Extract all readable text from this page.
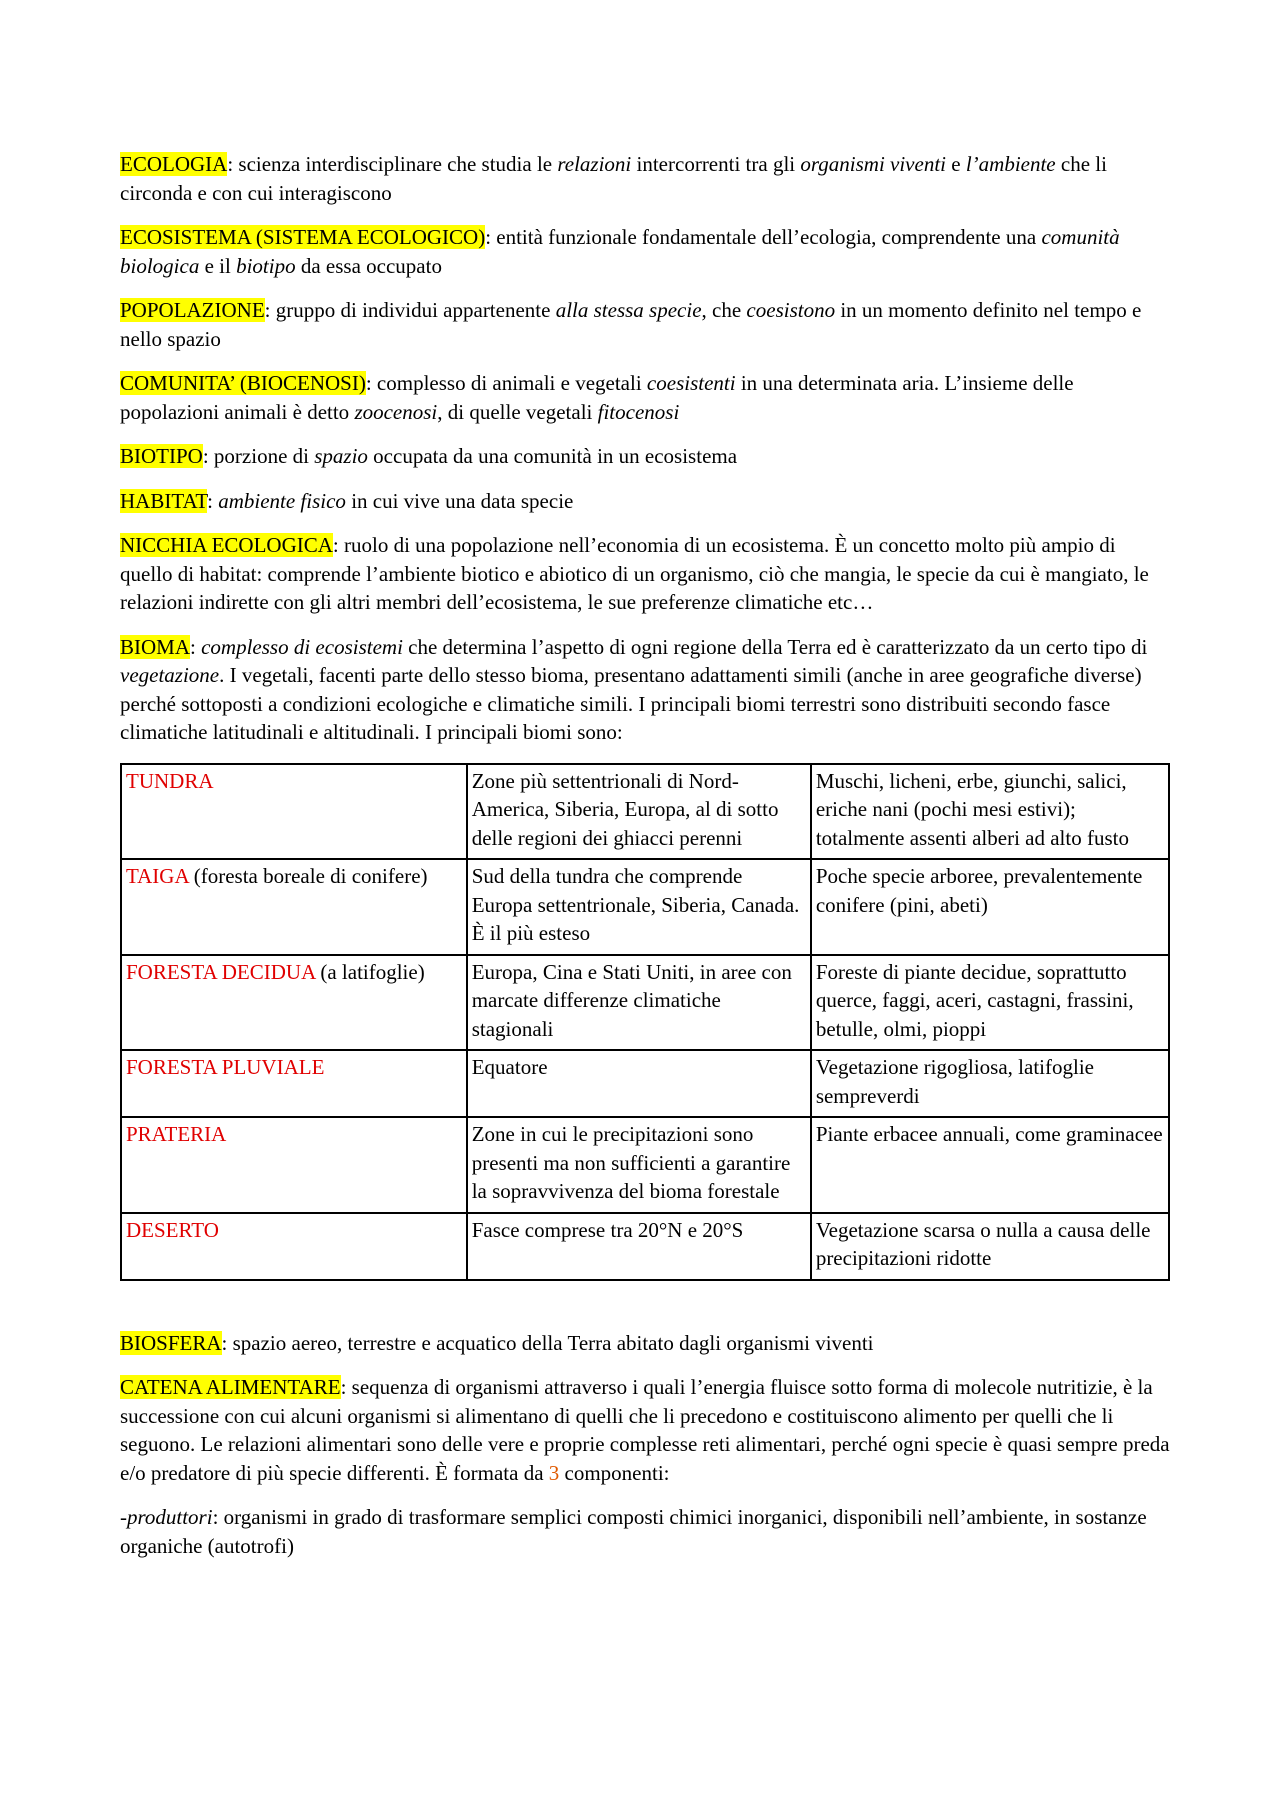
ECOLOGIA: scienza interdisciplinare che studia le relazioni intercorrenti tra gli organismi viventi e l’ambiente che li circonda e con cui interagiscono

ECOSISTEMA (SISTEMA ECOLOGICO): entità funzionale fondamentale dell’ecologia, comprendente una comunità biologica e il biotipo da essa occupato

POPOLAZIONE: gruppo di individui appartenente alla stessa specie, che coesistono in un momento definito nel tempo e nello spazio

COMUNITA’ (BIOCENOSI): complesso di animali e vegetali coesistenti in una determinata aria. L’insieme delle popolazioni animali è detto zoocenosi, di quelle vegetali fitocenosi

BIOTIPO: porzione di spazio occupata da una comunità in un ecosistema

HABITAT: ambiente fisico in cui vive una data specie

NICCHIA ECOLOGICA: ruolo di una popolazione nell’economia di un ecosistema. È un concetto molto più ampio di quello di habitat: comprende l’ambiente biotico e abiotico di un organismo, ciò che mangia, le specie da cui è mangiato, le relazioni indirette con gli altri membri dell’ecosistema, le sue preferenze climatiche etc…

BIOMA: complesso di ecosistemi che determina l’aspetto di ogni regione della Terra ed è caratterizzato da un certo tipo di vegetazione. I vegetali, facenti parte dello stesso bioma, presentano adattamenti simili (anche in aree geografiche diverse) perché sottoposti a condizioni ecologiche e climatiche simili. I principali biomi terrestri sono distribuiti secondo fasce climatiche latitudinali e altitudinali. I principali biomi sono:

TUNDRA	Zone più settentrionali di Nord-America, Siberia, Europa, al di sotto delle regioni dei ghiacci perenni	Muschi, licheni, erbe, giunchi, salici, eriche nani (pochi mesi estivi); totalmente assenti alberi ad alto fusto
TAIGA (foresta boreale di conifere)	Sud della tundra che comprende Europa settentrionale, Siberia, Canada. È il più esteso	Poche specie arboree, prevalentemente conifere (pini, abeti)
FORESTA DECIDUA (a latifoglie)	Europa, Cina e Stati Uniti, in aree con marcate differenze climatiche stagionali	Foreste di piante decidue, soprattutto querce, faggi, aceri, castagni, frassini, betulle, olmi, pioppi
FORESTA PLUVIALE	Equatore	Vegetazione rigogliosa, latifoglie sempreverdi
PRATERIA	Zone in cui le precipitazioni sono presenti ma non sufficienti a garantire la sopravvivenza del bioma forestale	Piante erbacee annuali, come graminacee
DESERTO	Fasce comprese tra 20°N e 20°S	Vegetazione scarsa o nulla a causa delle precipitazioni ridotte

BIOSFERA: spazio aereo, terrestre e acquatico della Terra abitato dagli organismi viventi

CATENA ALIMENTARE: sequenza di organismi attraverso i quali l’energia fluisce sotto forma di molecole nutritizie, è la successione con cui alcuni organismi si alimentano di quelli che li precedono e costituiscono alimento per quelli che li seguono. Le relazioni alimentari sono delle vere e proprie complesse reti alimentari, perché ogni specie è quasi sempre preda e/o predatore di più specie differenti. È formata da 3 componenti:

-produttori: organismi in grado di trasformare semplici composti chimici inorganici, disponibili nell’ambiente, in sostanze organiche (autotrofi)
